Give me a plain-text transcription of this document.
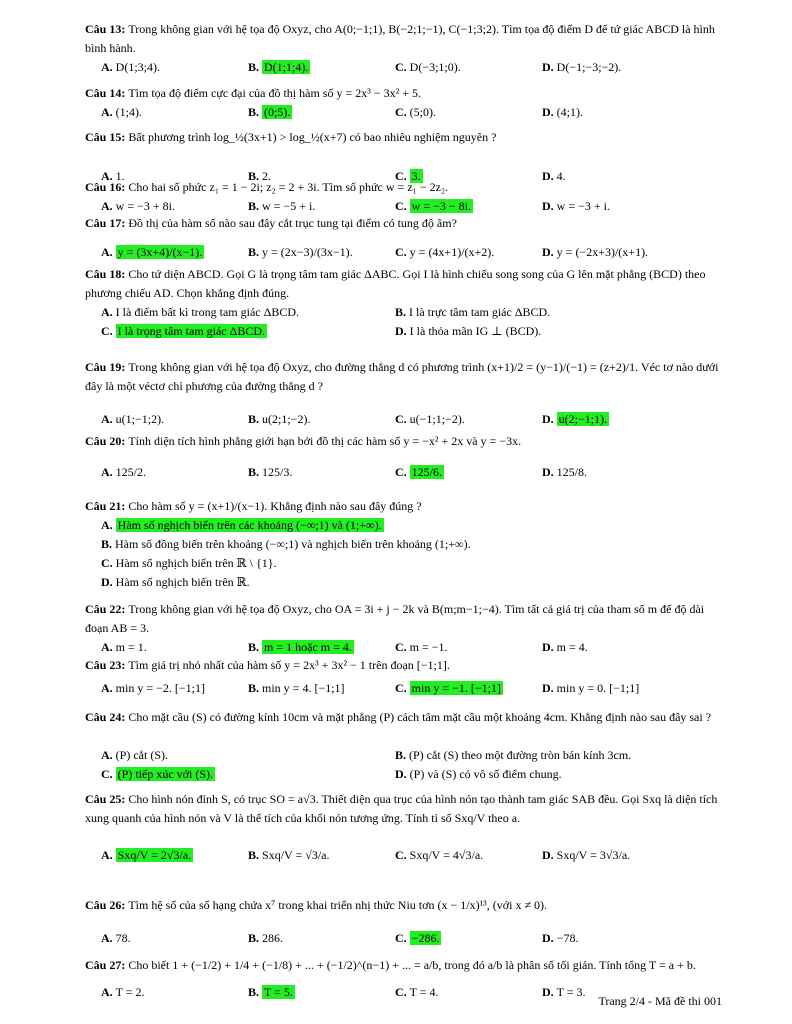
Câu 13: Trong không gian với hệ tọa độ Oxyz, cho A(0;−1;1), B(−2;1;−1), C(−1;3;2). Tìm tọa độ điểm D để tứ giác ABCD là hình bình hành.
A. D(1;3;4).	B. D(1;1;4).	C. D(−3;1;0).	D. D(−1;−3;−2).
Câu 14: Tìm tọa độ điểm cực đại của đồ thị hàm số y = 2x³ − 3x² + 5.
A. (1;4).	B. (0;5).	C. (5;0).	D. (4;1).
Câu 15: Bất phương trình log_½(3x+1) > log_½(x+7) có bao nhiêu nghiệm nguyên ?
A. 1.	B. 2.	C. 3.	D. 4.
Câu 16: Cho hai số phức z₁ = 1 − 2i; z₂ = 2 + 3i. Tìm số phức w = z₁ − 2z₂.
A. w = −3 + 8i.	B. w = −5 + i.	C. w = −3 − 8i.	D. w = −3 + i.
Câu 17: Đồ thị của hàm số nào sau đây cắt trục tung tại điểm có tung độ âm?
A. y = (3x+4)/(x−1).	B. y = (2x−3)/(3x−1).	C. y = (4x+1)/(x+2).	D. y = (−2x+3)/(x+1).
Câu 18: Cho tứ diện ABCD. Gọi G là trọng tâm tam giác ΔABC. Gọi I là hình chiếu song song của G lên mặt phẳng (BCD) theo phương chiếu AD. Chọn khẳng định đúng.
A. I là điểm bất kì trong tam giác ΔBCD.	B. I là trực tâm tam giác ΔBCD.
C. I là trọng tâm tam giác ΔBCD.	D. I là thỏa mãn IG ⊥ (BCD).
Câu 19: Trong không gian với hệ tọa độ Oxyz, cho đường thẳng d có phương trình (x+1)/2 = (y−1)/(−1) = (z+2)/1. Véc tơ nào dưới đây là một véctơ chỉ phương của đường thẳng d ?
A. u(1;−1;2).	B. u(2;1;−2).	C. u(−1;1;−2).	D. u(2;−1;1).
Câu 20: Tính diện tích hình phẳng giới hạn bởi đồ thị các hàm số y = −x² + 2x và y = −3x.
A. 125/2.	B. 125/3.	C. 125/6.	D. 125/8.
Câu 21: Cho hàm số y = (x+1)/(x−1). Khẳng định nào sau đây đúng ?
A. Hàm số nghịch biến trên các khoảng (−∞;1) và (1;+∞).
B. Hàm số đồng biến trên khoảng (−∞;1) và nghịch biến trên khoảng (1;+∞).
C. Hàm số nghịch biến trên ℝ \ {1}.
D. Hàm số nghịch biến trên ℝ.
Câu 22: Trong không gian với hệ tọa độ Oxyz, cho OA = 3i + j − 2k và B(m;m−1;−4). Tìm tất cả giá trị của tham số m để độ dài đoạn AB = 3.
A. m = 1.	B. m = 1 hoặc m = 4.	C. m = −1.	D. m = 4.
Câu 23: Tìm giá trị nhỏ nhất của hàm số y = 2x³ + 3x² − 1 trên đoạn [−1;1].
A. min y = −2. [−1;1]	B. min y = 4. [−1;1]	C. min y = −1. [−1;1]	D. min y = 0. [−1;1]
Câu 24: Cho mặt cầu (S) có đường kính 10cm và mặt phẳng (P) cách tâm mặt cầu một khoảng 4cm. Khẳng định nào sau đây sai ?
A. (P) cắt (S).	B. (P) cắt (S) theo một đường tròn bán kính 3cm.
C. (P) tiếp xúc với (S).	D. (P) và (S) có vô số điểm chung.
Câu 25: Cho hình nón đỉnh S, có trục SO = a√3. Thiết diện qua trục của hình nón tạo thành tam giác SAB đều. Gọi Sxq là diện tích xung quanh của hình nón và V là thể tích của khối nón tương ứng. Tính tỉ số Sxq/V theo a.
A. Sxq/V = 2√3/a.	B. Sxq/V = √3/a.	C. Sxq/V = 4√3/a.	D. Sxq/V = 3√3/a.
Câu 26: Tìm hệ số của số hạng chứa x⁷ trong khai triển nhị thức Niu tơn (x − 1/x)¹³, (với x ≠ 0).
A. 78.	B. 286.	C. −286.	D. −78.
Câu 27: Cho biết 1 + (−1/2) + 1/4 + (−1/8) + ... + (−1/2)^(n−1) + ... = a/b, trong đó a/b là phân số tối giản. Tính tổng T = a + b.
A. T = 2.	B. T = 5.	C. T = 4.	D. T = 3.
Trang 2/4 - Mã đề thi 001
